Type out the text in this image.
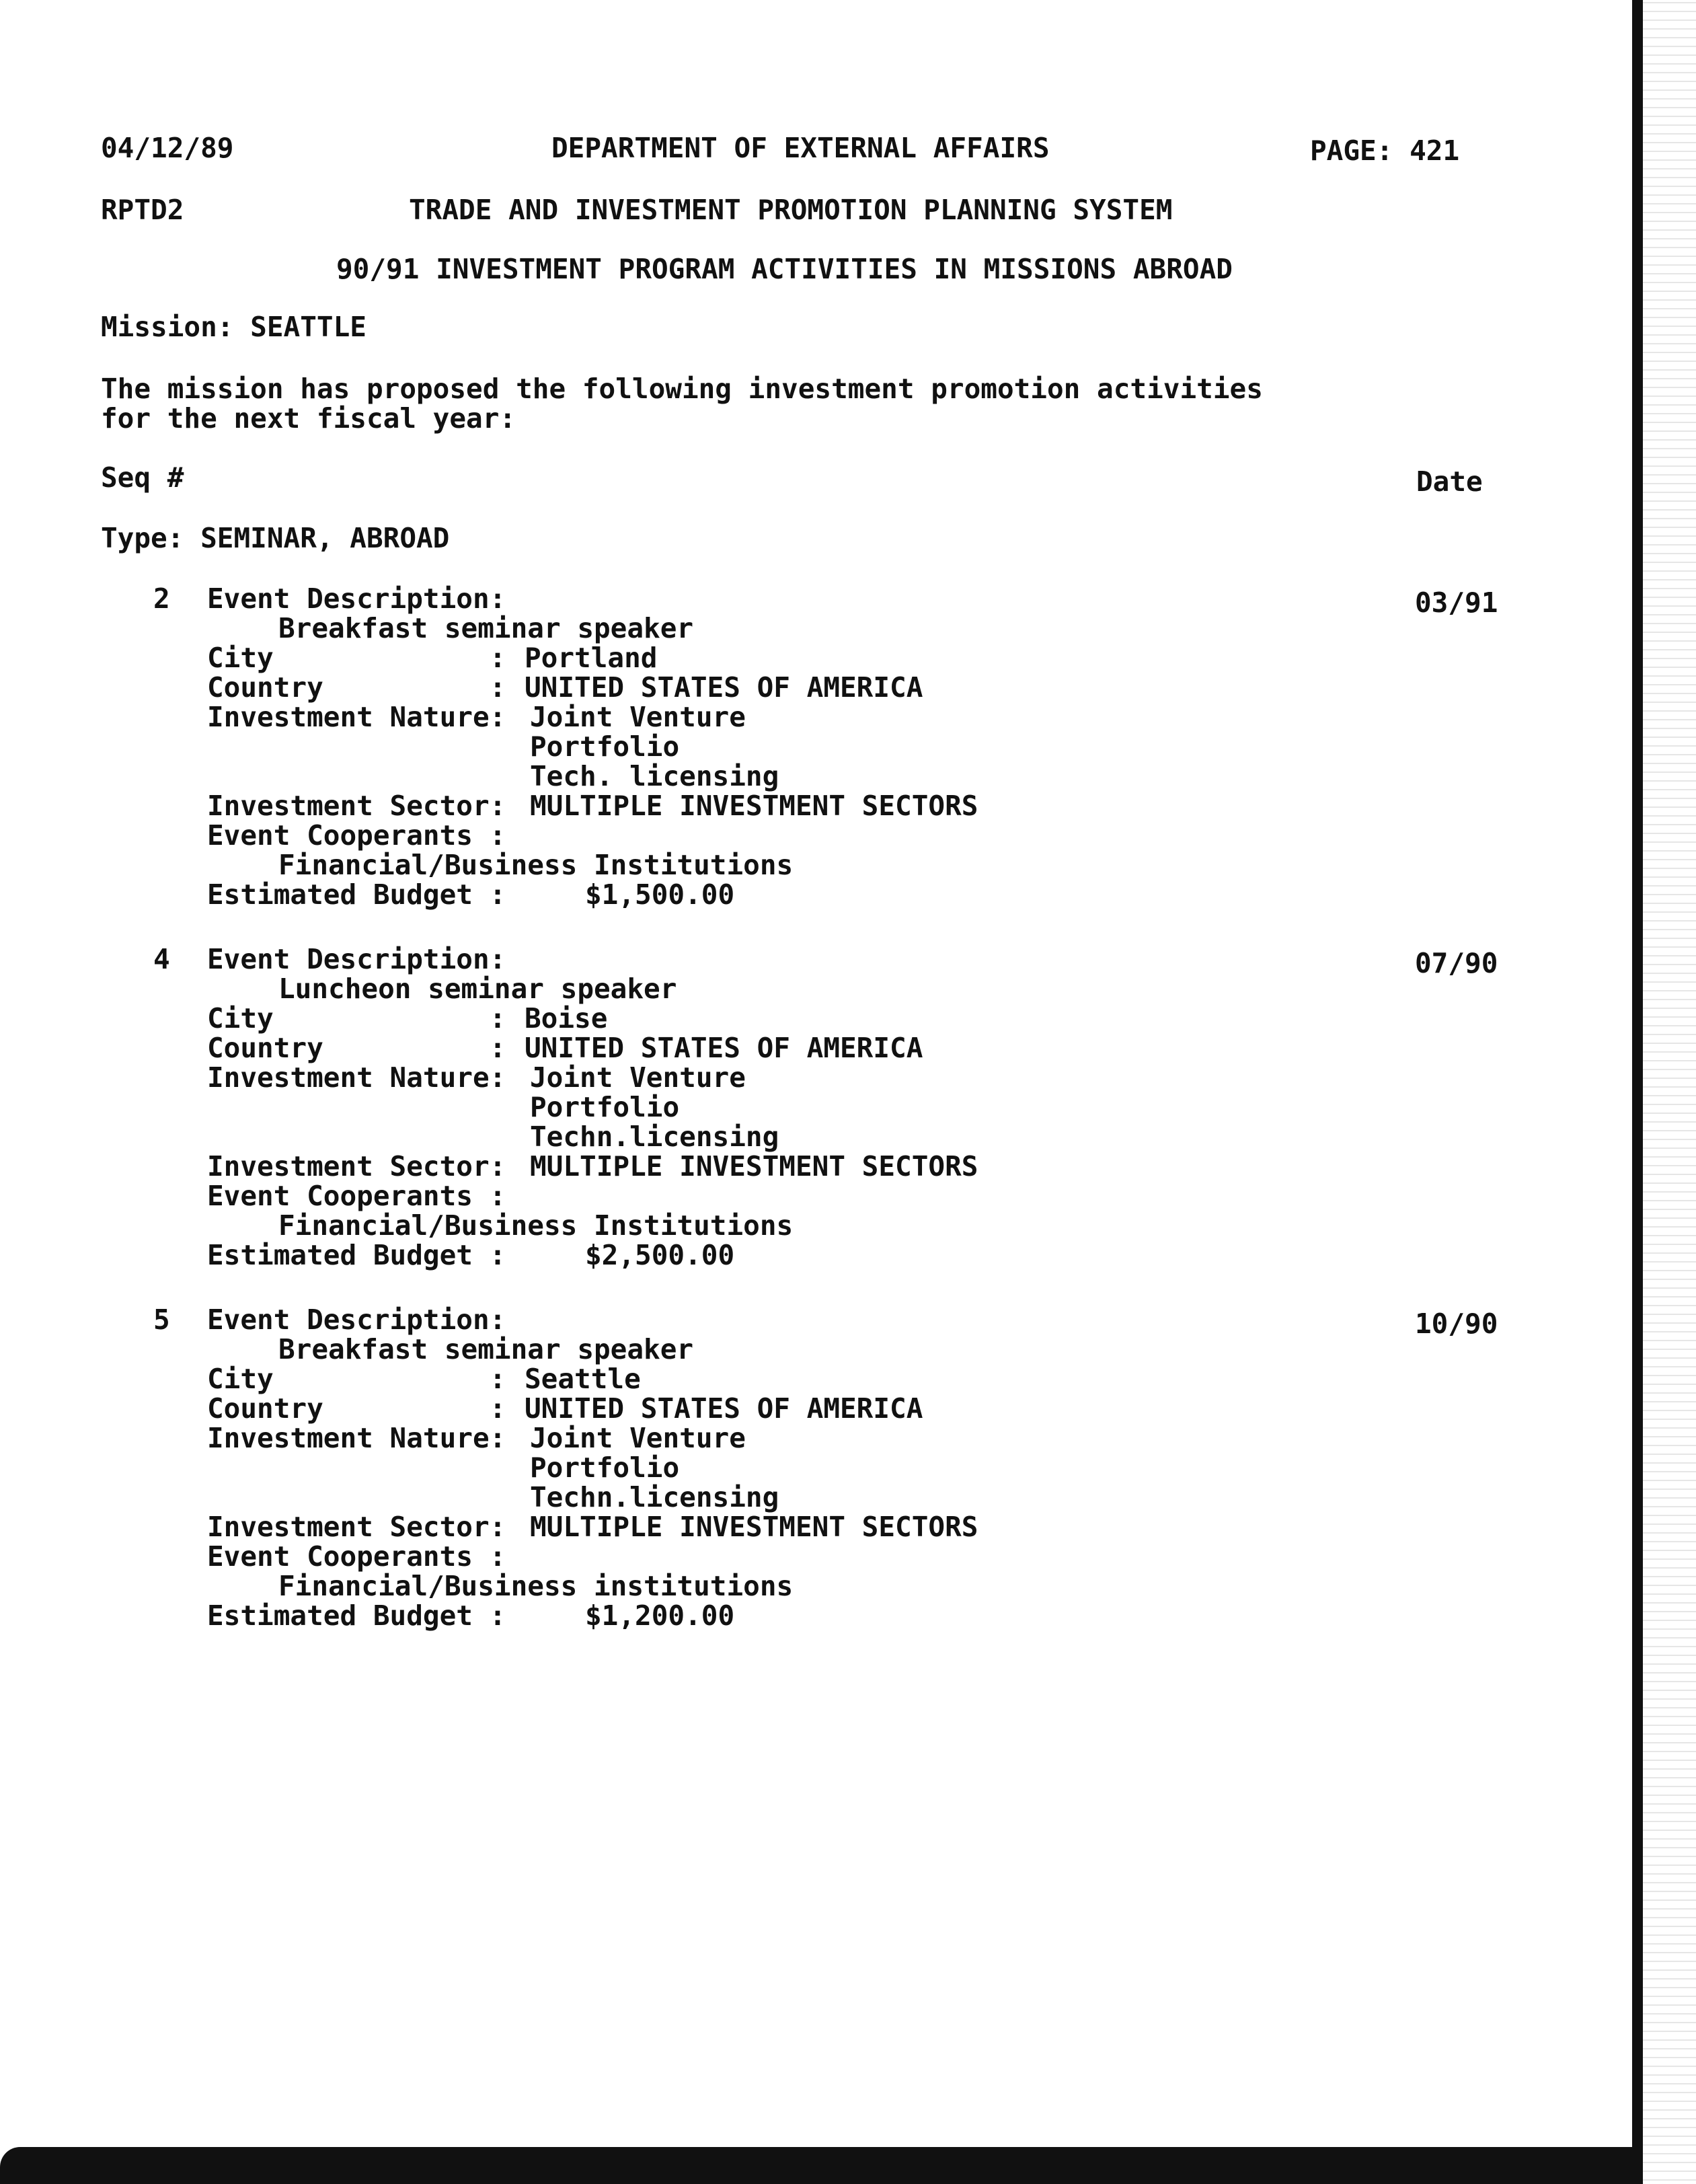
04/12/89	DEPARTMENT OF EXTERNAL AFFAIRS	PAGE: 421
RPTD2	TRADE AND INVESTMENT PROMOTION PLANNING SYSTEM
90/91 INVESTMENT PROGRAM ACTIVITIES IN MISSIONS ABROAD
Mission: SEATTLE
The mission has proposed the following investment promotion activities
for the next fiscal year:
Seq #	Date
Type: SEMINAR, ABROAD
2 Event Description:	03/91
Breakfast seminar speaker
City             : Portland
Country          : UNITED STATES OF AMERICA
Investment Nature: Joint Venture
Portfolio
Tech. licensing
Investment Sector: MULTIPLE INVESTMENT SECTORS
Event Cooperants :
Financial/Business Institutions
Estimated Budget :	$1,500.00
4 Event Description:	07/90
Luncheon seminar speaker
City             : Boise
Country          : UNITED STATES OF AMERICA
Investment Nature: Joint Venture
Portfolio
Techn.licensing
Investment Sector: MULTIPLE INVESTMENT SECTORS
Event Cooperants :
Financial/Business Institutions
Estimated Budget :	$2,500.00
5 Event Description:	10/90
Breakfast seminar speaker
City             : Seattle
Country          : UNITED STATES OF AMERICA
Investment Nature: Joint Venture
Portfolio
Techn.licensing
Investment Sector: MULTIPLE INVESTMENT SECTORS
Event Cooperants :
Financial/Business institutions
Estimated Budget :	$1,200.00
